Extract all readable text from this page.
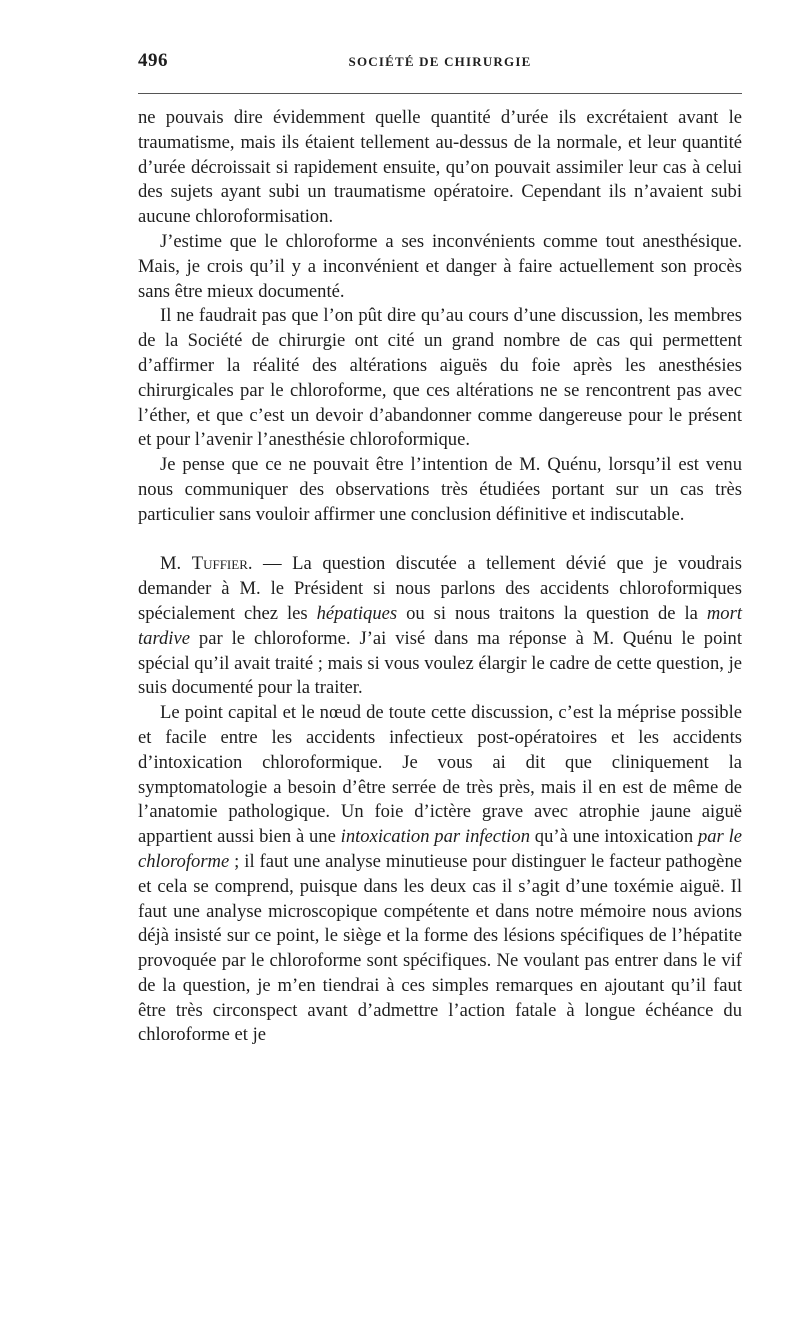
496	SOCIÉTÉ DE CHIRURGIE

ne pouvais dire évidemment quelle quantité d’urée ils excrétaient avant le traumatisme, mais ils étaient tellement au-dessus de la normale, et leur quantité d’urée décroissait si rapidement ensuite, qu’on pouvait assimiler leur cas à celui des sujets ayant subi un traumatisme opératoire. Cependant ils n’avaient subi aucune chloroformisation.

J’estime que le chloroforme a ses inconvénients comme tout anesthésique. Mais, je crois qu’il y a inconvénient et danger à faire actuellement son procès sans être mieux documenté.

Il ne faudrait pas que l’on pût dire qu’au cours d’une discussion, les membres de la Société de chirurgie ont cité un grand nombre de cas qui permettent d’affirmer la réalité des altérations aiguës du foie après les anesthésies chirurgicales par le chloroforme, que ces altérations ne se rencontrent pas avec l’éther, et que c’est un devoir d’abandonner comme dangereuse pour le présent et pour l’avenir l’anesthésie chloroformique.

Je pense que ce ne pouvait être l’intention de M. Quénu, lorsqu’il est venu nous communiquer des observations très étudiées portant sur un cas très particulier sans vouloir affirmer une conclusion définitive et indiscutable.

M. Tuffier. — La question discutée a tellement dévié que je voudrais demander à M. le Président si nous parlons des accidents chloroformiques spécialement chez les hépatiques ou si nous traitons la question de la mort tardive par le chloroforme. J’ai visé dans ma réponse à M. Quénu le point spécial qu’il avait traité ; mais si vous voulez élargir le cadre de cette question, je suis documenté pour la traiter.

Le point capital et le nœud de toute cette discussion, c’est la méprise possible et facile entre les accidents infectieux post-opératoires et les accidents d’intoxication chloroformique. Je vous ai dit que cliniquement la symptomatologie a besoin d’être serrée de très près, mais il en est de même de l’anatomie pathologique. Un foie d’ictère grave avec atrophie jaune aiguë appartient aussi bien à une intoxication par infection qu’à une intoxication par le chloroforme ; il faut une analyse minutieuse pour distinguer le facteur pathogène et cela se comprend, puisque dans les deux cas il s’agit d’une toxémie aiguë. Il faut une analyse microscopique compétente et dans notre mémoire nous avions déjà insisté sur ce point, le siège et la forme des lésions spécifiques de l’hépatite provoquée par le chloroforme sont spécifiques. Ne voulant pas entrer dans le vif de la question, je m’en tiendrai à ces simples remarques en ajoutant qu’il faut être très circonspect avant d’admettre l’action fatale à longue échéance du chloroforme et je
